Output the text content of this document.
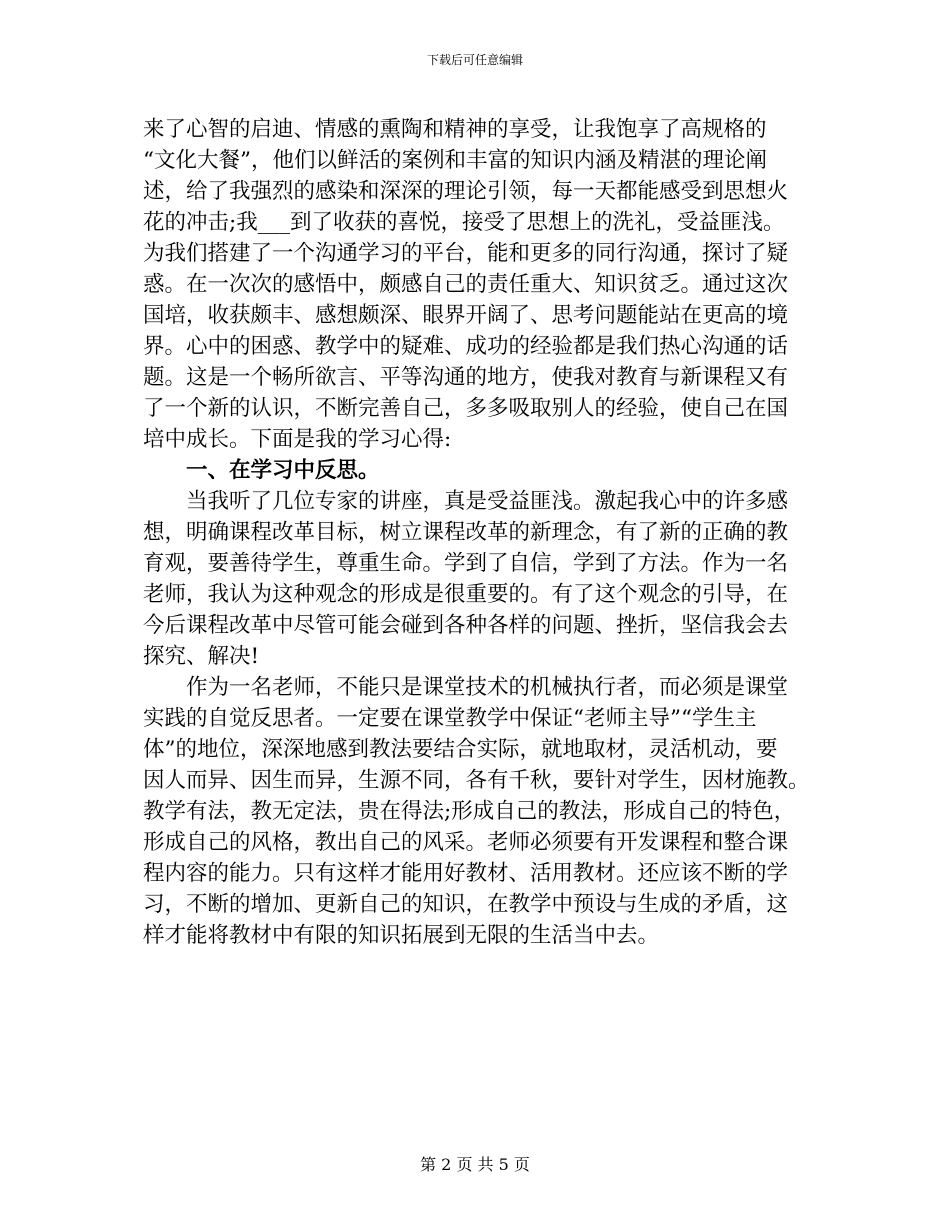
下载后可任意编辑
来了心智的启迪、情感的熏陶和精神的享受，让我饱享了高规格的
“文化大餐”，他们以鲜活的案例和丰富的知识内涵及精湛的理论阐
述，给了我强烈的感染和深深的理论引领，每一天都能感受到思想火
花的冲击;我___到了收获的喜悦，接受了思想上的洗礼，受益匪浅。
为我们搭建了一个沟通学习的平台，能和更多的同行沟通，探讨了疑
惑。在一次次的感悟中，颇感自己的责任重大、知识贫乏。通过这次
国培，收获颇丰、感想颇深、眼界开阔了、思考问题能站在更高的境
界。心中的困惑、教学中的疑难、成功的经验都是我们热心沟通的话
题。这是一个畅所欲言、平等沟通的地方，使我对教育与新课程又有
了一个新的认识，不断完善自己，多多吸取别人的经验，使自己在国
培中成长。下面是我的学习心得:
一、在学习中反思。
当我听了几位专家的讲座，真是受益匪浅。激起我心中的许多感
想，明确课程改革目标，树立课程改革的新理念，有了新的正确的教
育观，要善待学生，尊重生命。学到了自信，学到了方法。作为一名
老师，我认为这种观念的形成是很重要的。有了这个观念的引导，在
今后课程改革中尽管可能会碰到各种各样的问题、挫折，坚信我会去
探究、解决!
作为一名老师，不能只是课堂技术的机械执行者，而必须是课堂
实践的自觉反思者。一定要在课堂教学中保证“老师主导”“学生主
体”的地位，深深地感到教法要结合实际，就地取材，灵活机动，要
因人而异、因生而异，生源不同，各有千秋，要针对学生，因材施教。
教学有法，教无定法，贵在得法;形成自己的教法，形成自己的特色，
形成自己的风格，教出自己的风采。老师必须要有开发课程和整合课
程内容的能力。只有这样才能用好教材、活用教材。还应该不断的学
习，不断的增加、更新自己的知识，在教学中预设与生成的矛盾，这
样才能将教材中有限的知识拓展到无限的生活当中去。
第 2 页 共 5 页
